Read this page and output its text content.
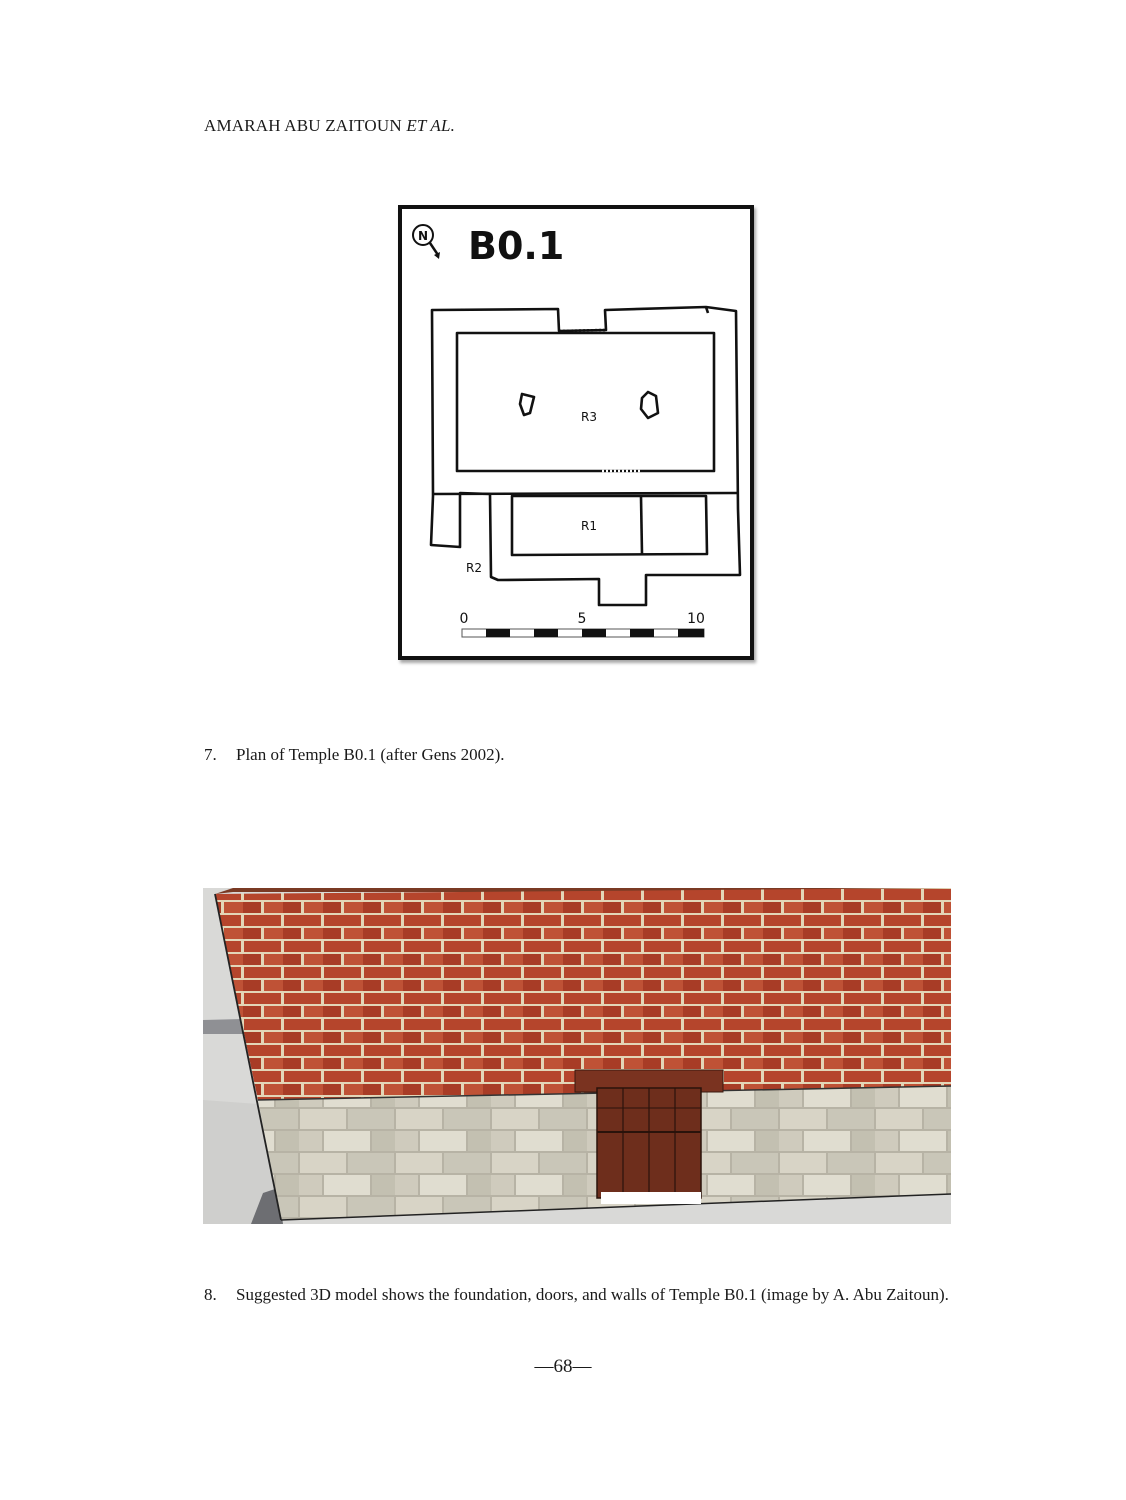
AMARAH ABU ZAITOUN ET AL.
N B0.1
R3
R1
R2
0	5	10
7. Plan of Temple B0.1 (after Gens 2002).
8. Suggested 3D model shows the foundation, doors, and walls of Temple B0.1 (image by A. Abu Zaitoun).
—68—
